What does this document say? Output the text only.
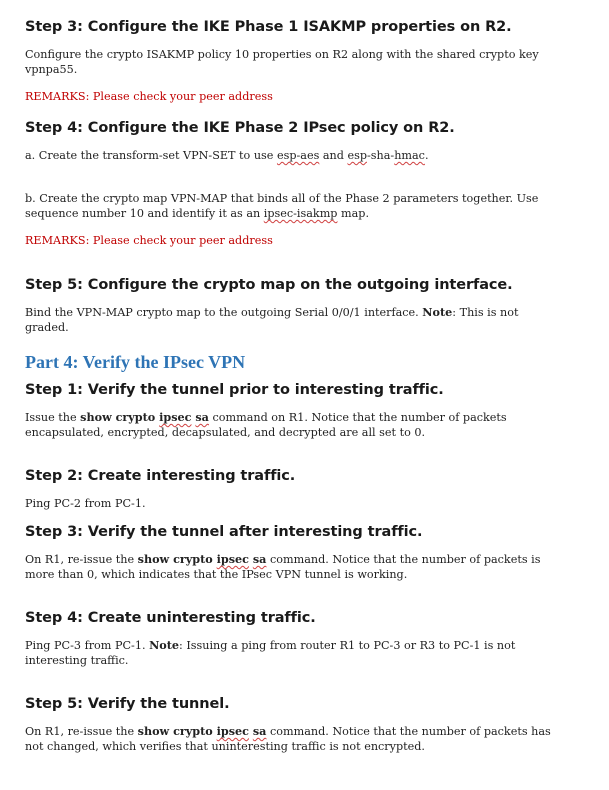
Step 3: Configure the IKE Phase 1 ISAKMP properties on R2.
Configure the crypto ISAKMP policy 10 properties on R2 along with the shared crypto key vpnpa55.
REMARKS: Please check your peer address
Step 4: Configure the IKE Phase 2 IPsec policy on R2.
a. Create the transform-set VPN-SET to use esp-aes and esp-sha-hmac.
b. Create the crypto map VPN-MAP that binds all of the Phase 2 parameters together. Use sequence number 10 and identify it as an ipsec-isakmp map.
REMARKS: Please check your peer address
Step 5: Configure the crypto map on the outgoing interface.
Bind the VPN-MAP crypto map to the outgoing Serial 0/0/1 interface. Note: This is not graded.
Part 4: Verify the IPsec VPN
Step 1: Verify the tunnel prior to interesting traffic.
Issue the show crypto ipsec sa command on R1. Notice that the number of packets encapsulated, encrypted, decapsulated, and decrypted are all set to 0.
Step 2: Create interesting traffic.
Ping PC-2 from PC-1.
Step 3: Verify the tunnel after interesting traffic.
On R1, re-issue the show crypto ipsec sa command. Notice that the number of packets is more than 0, which indicates that the IPsec VPN tunnel is working.
Step 4: Create uninteresting traffic.
Ping PC-3 from PC-1. Note: Issuing a ping from router R1 to PC-3 or R3 to PC-1 is not interesting traffic.
Step 5: Verify the tunnel.
On R1, re-issue the show crypto ipsec sa command. Notice that the number of packets has not changed, which verifies that uninteresting traffic is not encrypted.
